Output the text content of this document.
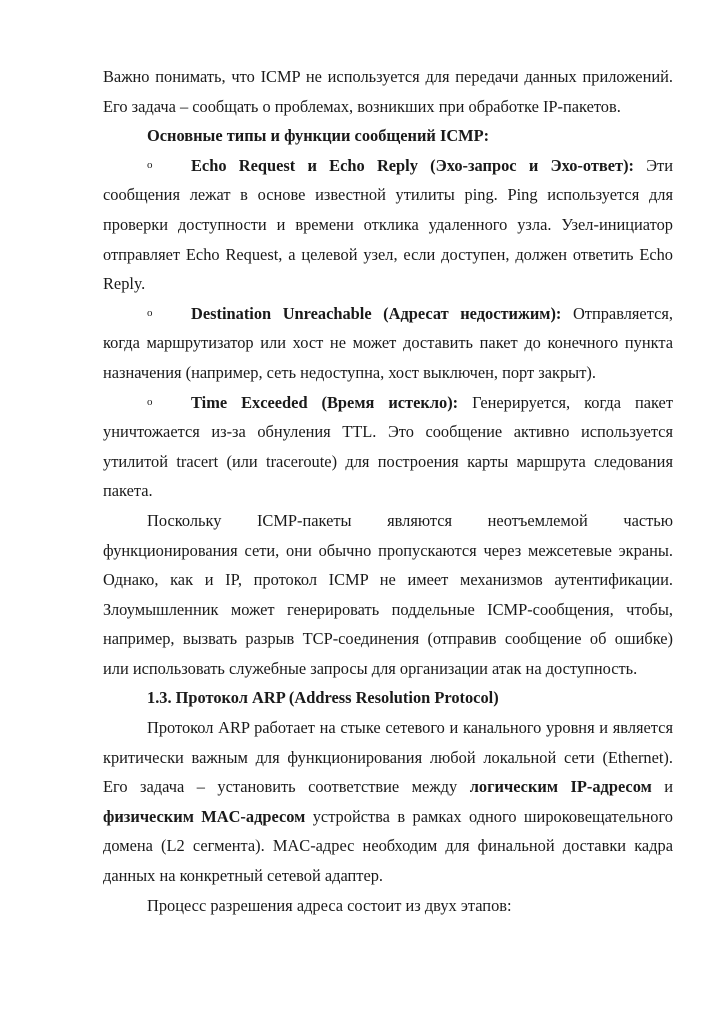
Важно понимать, что ICMP не используется для передачи данных приложений. Его задача – сообщать о проблемах, возникших при обработке IP-пакетов.

Основные типы и функции сообщений ICMP:

o Echo Request и Echo Reply (Эхо-запрос и Эхо-ответ): Эти сообщения лежат в основе известной утилиты ping. Ping используется для проверки доступности и времени отклика удаленного узла. Узел-инициатор отправляет Echo Request, а целевой узел, если доступен, должен ответить Echo Reply.

o Destination Unreachable (Адресат недостижим): Отправляется, когда маршрутизатор или хост не может доставить пакет до конечного пункта назначения (например, сеть недоступна, хост выключен, порт закрыт).

o Time Exceeded (Время истекло): Генерируется, когда пакет уничтожается из-за обнуления TTL. Это сообщение активно используется утилитой tracert (или traceroute) для построения карты маршрута следования пакета.

Поскольку ICMP-пакеты являются неотъемлемой частью функционирования сети, они обычно пропускаются через межсетевые экраны. Однако, как и IP, протокол ICMP не имеет механизмов аутентификации. Злоумышленник может генерировать поддельные ICMP-сообщения, чтобы, например, вызвать разрыв TCP-соединения (отправив сообщение об ошибке) или использовать служебные запросы для организации атак на доступность.

1.3. Протокол ARP (Address Resolution Protocol)

Протокол ARP работает на стыке сетевого и канального уровня и является критически важным для функционирования любой локальной сети (Ethernet). Его задача – установить соответствие между логическим IP-адресом и физическим MAC-адресом устройства в рамках одного широковещательного домена (L2 сегмента). MAC-адрес необходим для финальной доставки кадра данных на конкретный сетевой адаптер.

Процесс разрешения адреса состоит из двух этапов:
